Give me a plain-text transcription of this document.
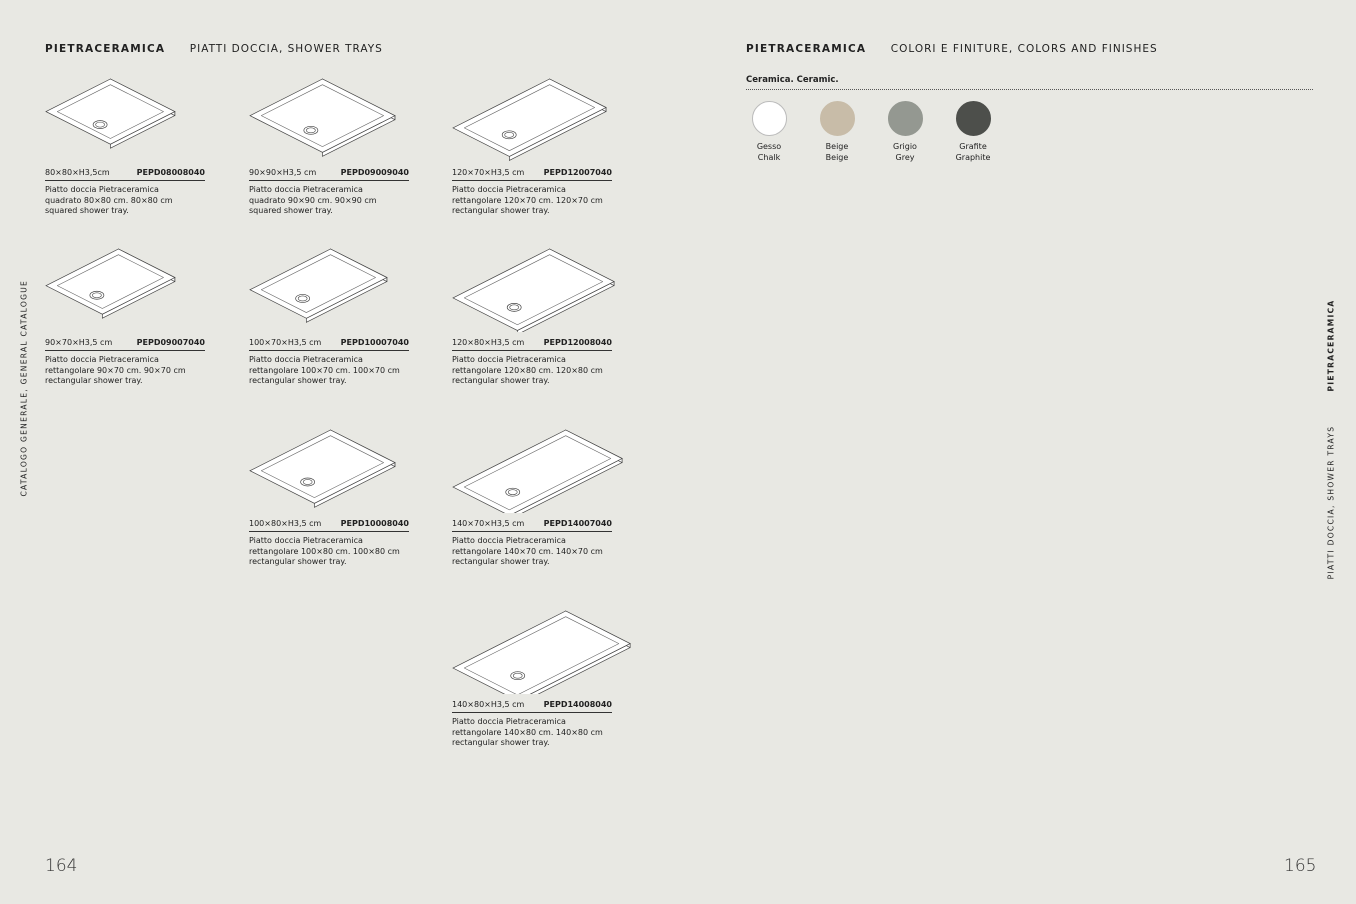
PIETRACERAMICA PIATTI DOCCIA, SHOWER TRAYS
CATALOGO GENERALE, GENERAL CATALOGUE
80×80×H3,5cm	PEPD08008040
Piatto doccia Pietraceramica
quadrato 80×80 cm. 80×80 cm
squared shower tray.
90×90×H3,5 cm	PEPD09009040
Piatto doccia Pietraceramica
quadrato 90×90 cm. 90×90 cm
squared shower tray.
120×70×H3,5 cm PEPD12007040
Piatto doccia Pietraceramica
rettangolare 120×70 cm. 120×70 cm
rectangular shower tray.
90×70×H3,5 cm	PEPD09007040
Piatto doccia Pietraceramica
rettangolare 90×70 cm. 90×70 cm
rectangular shower tray.
100×70×H3,5 cm PEPD10007040
Piatto doccia Pietraceramica
rettangolare 100×70 cm. 100×70 cm
rectangular shower tray.
120×80×H3,5 cm PEPD12008040
Piatto doccia Pietraceramica
rettangolare 120×80 cm. 120×80 cm
rectangular shower tray.
100×80×H3,5 cm PEPD10008040
Piatto doccia Pietraceramica
rettangolare 100×80 cm. 100×80 cm
rectangular shower tray.
140×70×H3,5 cm PEPD14007040
Piatto doccia Pietraceramica
rettangolare 140×70 cm. 140×70 cm
rectangular shower tray.
140×80×H3,5 cm PEPD14008040
Piatto doccia Pietraceramica
rettangolare 140×80 cm. 140×80 cm
rectangular shower tray.
164
PIETRACERAMICA COLORI E FINITURE, COLORS AND FINISHES
Ceramica. Ceramic.
Gesso
Chalk
Beige
Beige
Grigio
Grey
Grafite
Graphite
PIETRACERAMICA
PIATTI DOCCIA, SHOWER TRAYS
165
